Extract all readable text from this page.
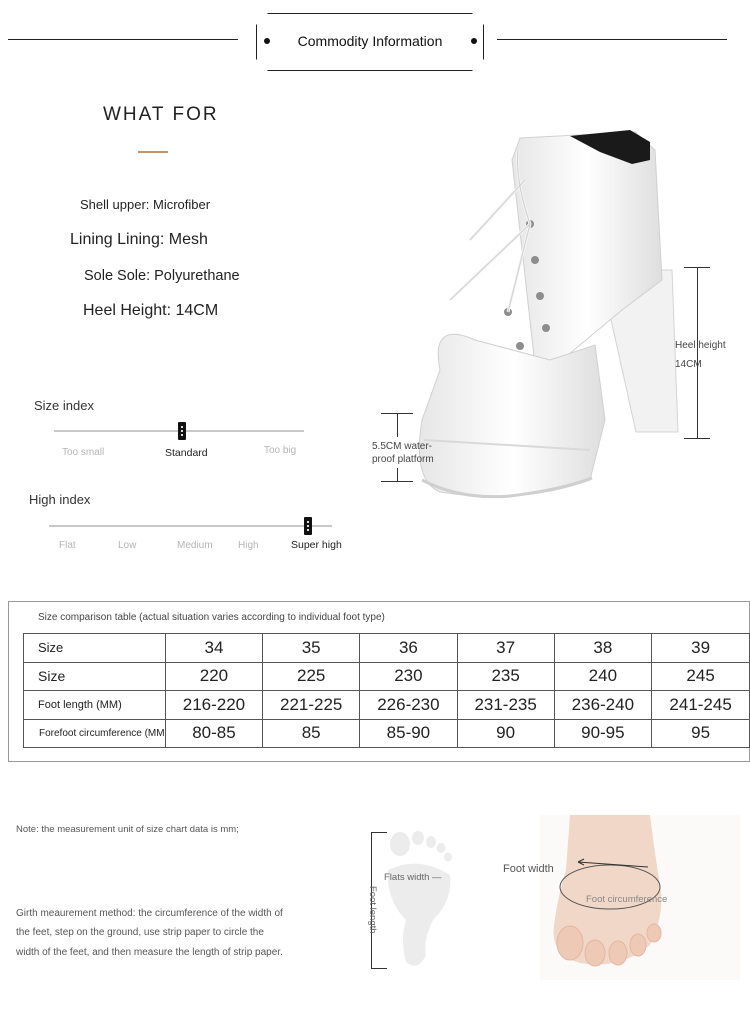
Commodity Information
WHAT FOR
Shell upper: Microfiber
Lining Lining: Mesh
Sole Sole: Polyurethane
Heel Height: 14CM
Size index
Too small	Standard	Too big
High index
Flat	Low	Medium	High	Super high
Heel height
14CM
5.5CM water-
proof platform
Size comparison table (actual situation varies according to individual foot type)
Size	34	35	36	37	38	39
Size	220	225	230	235	240	245
Foot length (MM)	216-220	221-225	226-230	231-235	236-240	241-245
Forefoot circumference (MM	80-85	85	85-90	90	90-95	95
Note: the measurement unit of size chart data is mm;
Girth meaurement method: the circumference of the width of
the feet, step on the ground, use strip paper to circle the
width of the feet, and then measure the length of strip paper.
Flats width —
Foot length
Foot width
Foot circumference
